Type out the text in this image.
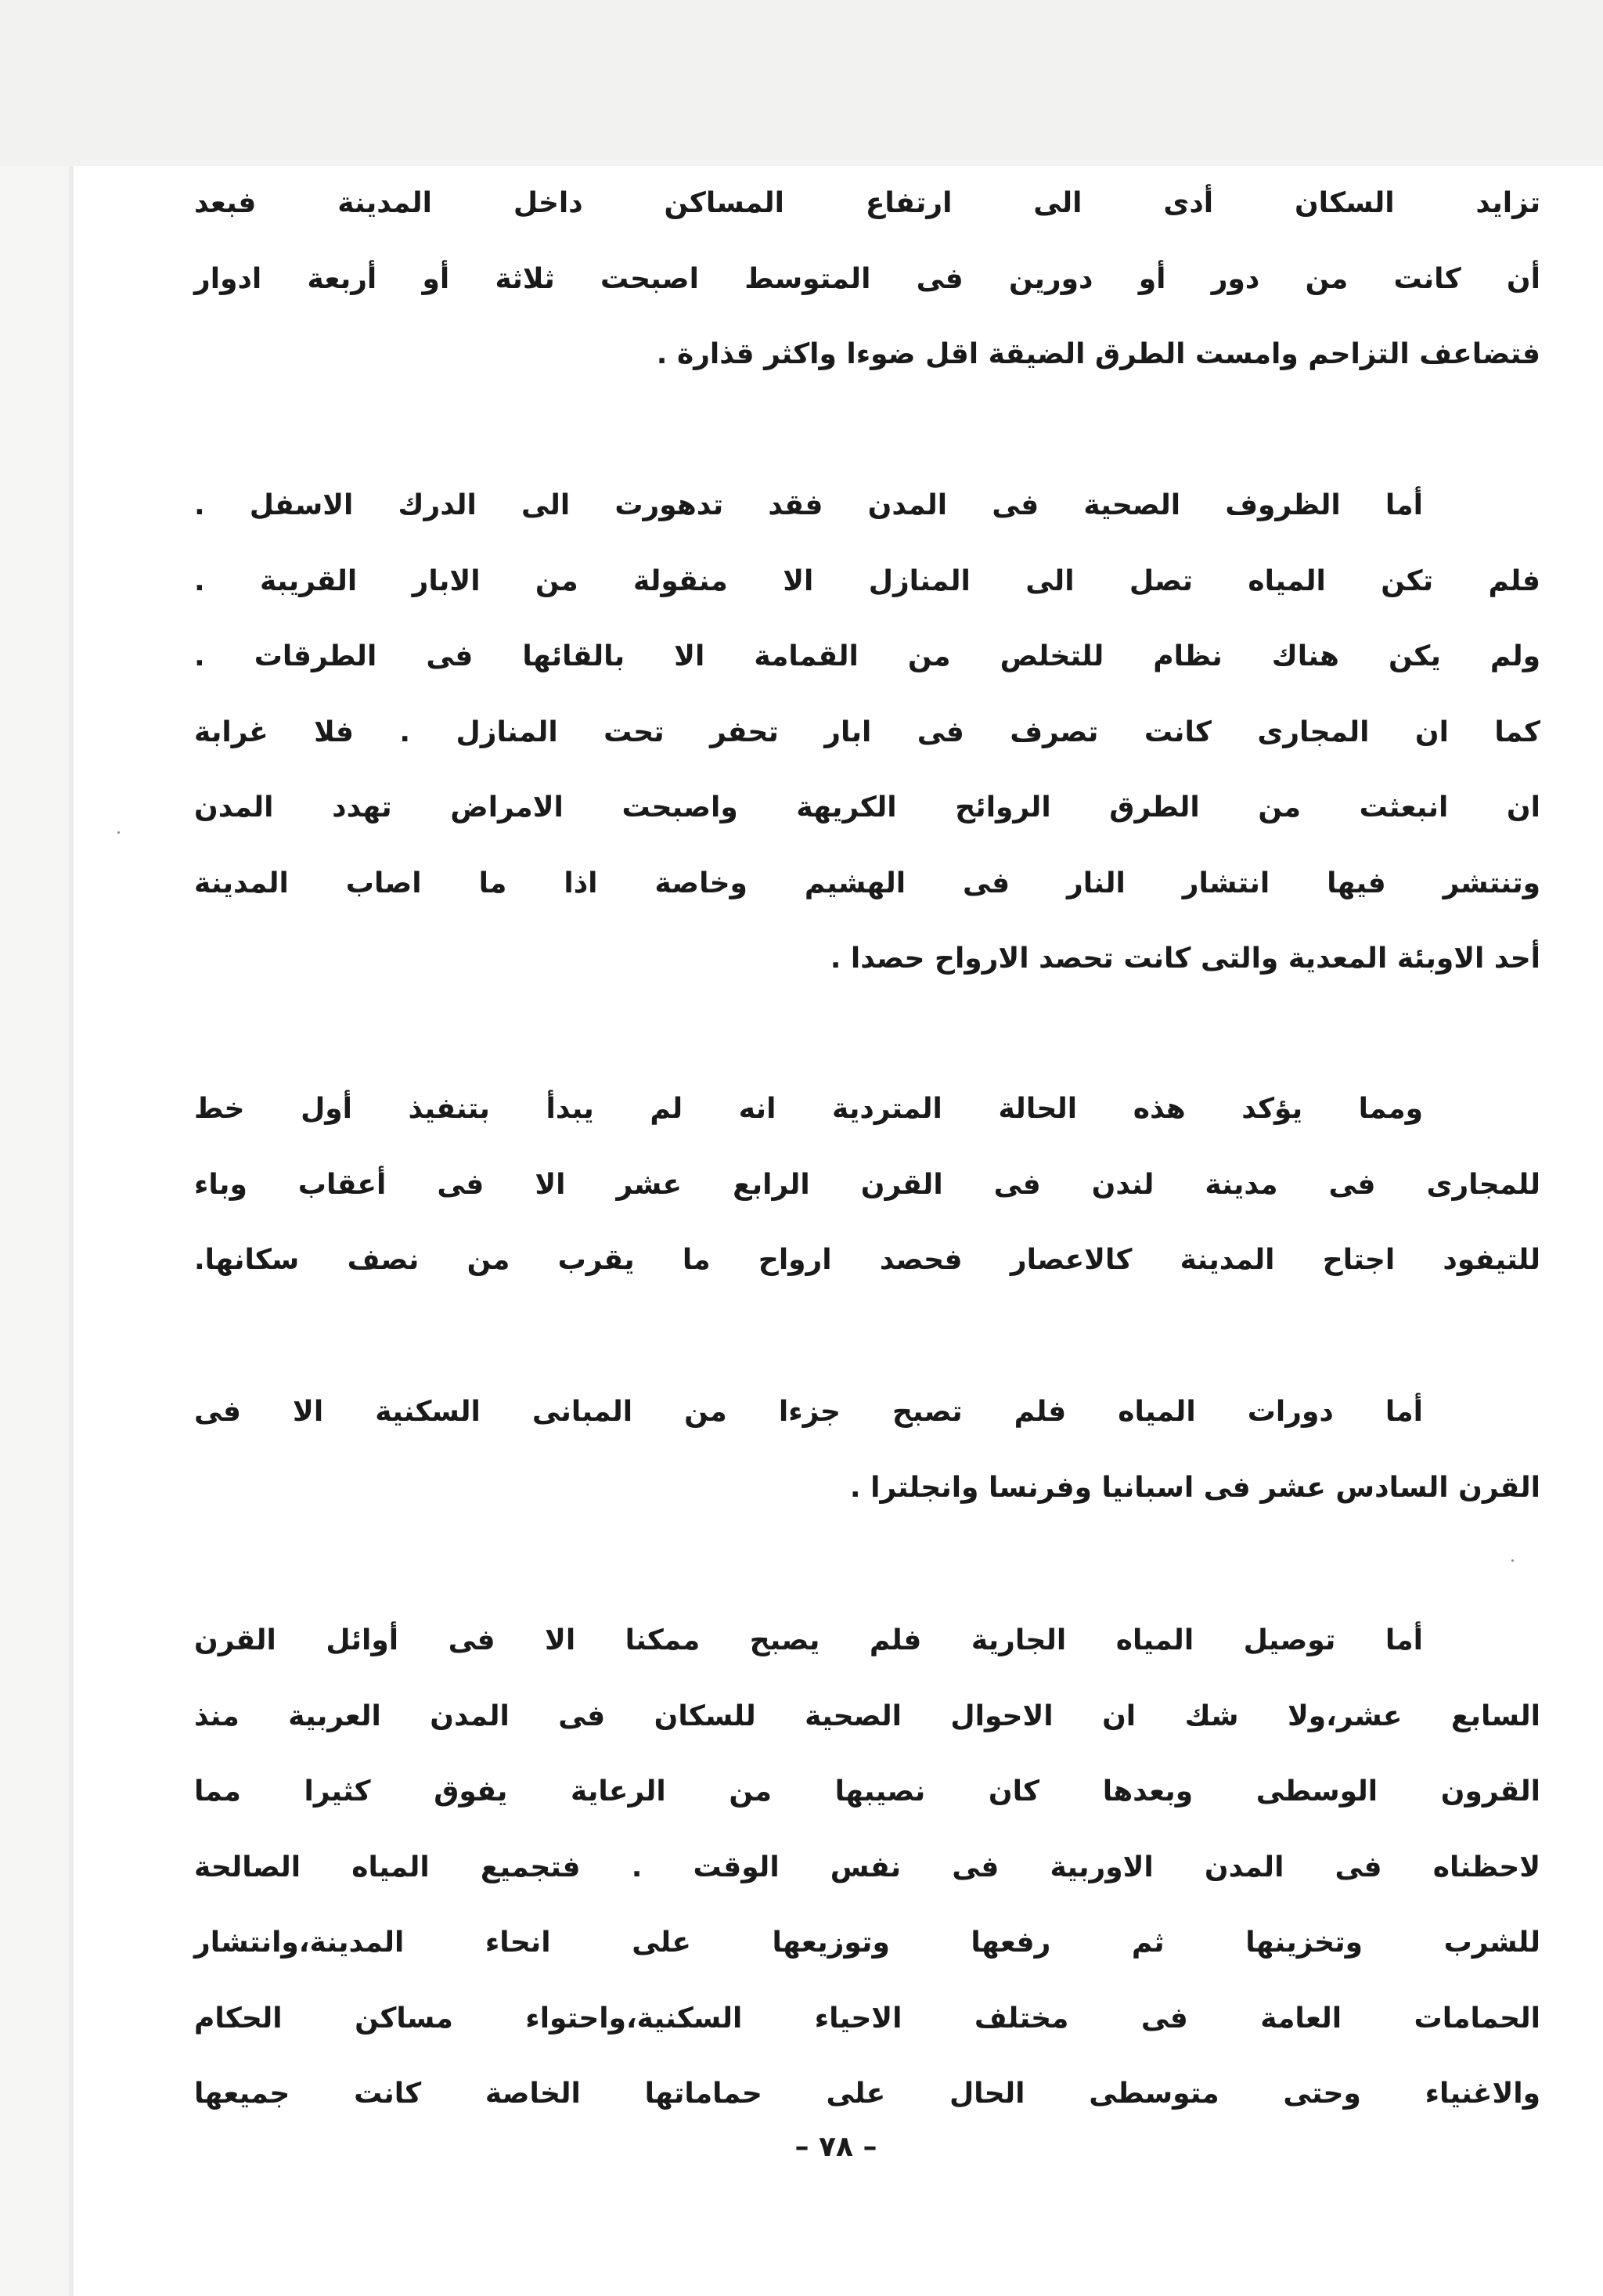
تزايد السكان أدى الى ارتفاع المساكن داخل المدينة فبعد
أن كانت من دور أو دورين فى المتوسط اصبحت ثلاثة أو أربعة ادوار
فتضاعف التزاحم وامست الطرق الضيقة اقل ضوءا واكثر قذارة .
أما الظروف الصحية فى المدن فقد تدهورت الى الدرك الاسفل .
فلم تكن المياه تصل الى المنازل الا منقولة من الابار القريبة .
ولم يكن هناك نظام للتخلص من القمامة الا بالقائها فى الطرقات .
كما ان المجارى كانت تصرف فى ابار تحفر تحت المنازل . فلا غرابة
ان انبعثت من الطرق الروائح الكريهة واصبحت الامراض تهدد المدن
وتنتشر فيها انتشار النار فى الهشيم وخاصة اذا ما اصاب المدينة
أحد الاوبئة المعدية والتى كانت تحصد الارواح حصدا .
ومما يؤكد هذه الحالة المتردية انه لم يبدأ بتنفيذ أول خط
للمجارى فى مدينة لندن فى القرن الرابع عشر الا فى أعقاب وباء
للتيفود اجتاح المدينة كالاعصار فحصد ارواح ما يقرب من نصف سكانها.
أما دورات المياه فلم تصبح جزءا من المبانى السكنية الا فى
القرن السادس عشر فى اسبانيا وفرنسا وانجلترا .
أما توصيل المياه الجارية فلم يصبح ممكنا الا فى أوائل القرن
السابع عشر،ولا شك ان الاحوال الصحية للسكان فى المدن العربية منذ
القرون الوسطى وبعدها كان نصيبها من الرعاية يفوق كثيرا مما
لاحظناه فى المدن الاوربية فى نفس الوقت . فتجميع المياه الصالحة
للشرب وتخزينها ثم رفعها وتوزيعها على انحاء المدينة،وانتشار
الحمامات العامة فى مختلف الاحياء السكنية،واحتواء مساكن الحكام
والاغنياء وحتى متوسطى الحال على حماماتها الخاصة كانت جميعها
– ٧٨ –
